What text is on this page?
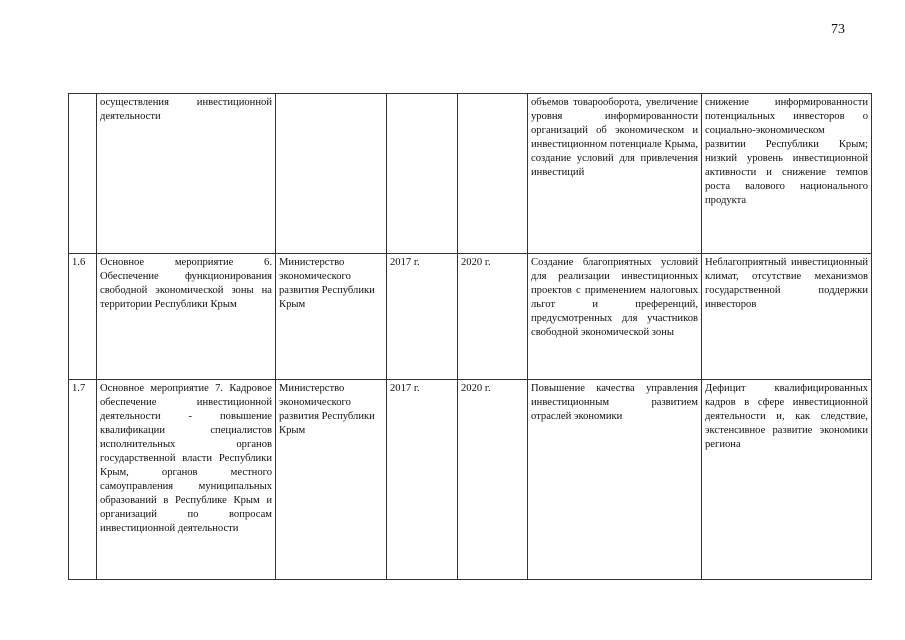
73
	осуществления инвестиционной деятельности				объемов товарооборота, увеличение уровня информированности организаций об экономическом и инвестиционном потенциале Крыма, создание условий для привлечения инвестиций	снижение информированности потенциальных инвесторов о социально-экономическом развитии Республики Крым; низкий уровень инвестиционной активности и снижение темпов роста валового национального продукта
1.6	Основное мероприятие 6. Обеспечение функционирования свободной экономической зоны на территории Республики Крым	Министерство экономического развития Республики Крым	2017 г.	2020 г.	Создание благоприятных условий для реализации инвестиционных проектов с применением налоговых льгот и преференций, предусмотренных для участников свободной экономической зоны	Неблагоприятный инвестиционный климат, отсутствие механизмов государственной поддержки инвесторов
1.7	Основное мероприятие 7. Кадровое обеспечение инвестиционной деятельности - повышение квалификации специалистов исполнительных органов государственной власти Республики Крым, органов местного самоуправления муниципальных образований в Республике Крым и организаций по вопросам инвестиционной деятельности	Министерство экономического развития Республики Крым	2017 г.	2020 г.	Повышение качества управления инвестиционным развитием отраслей экономики	Дефицит квалифицированных кадров в сфере инвестиционной деятельности и, как следствие, экстенсивное развитие экономики региона
